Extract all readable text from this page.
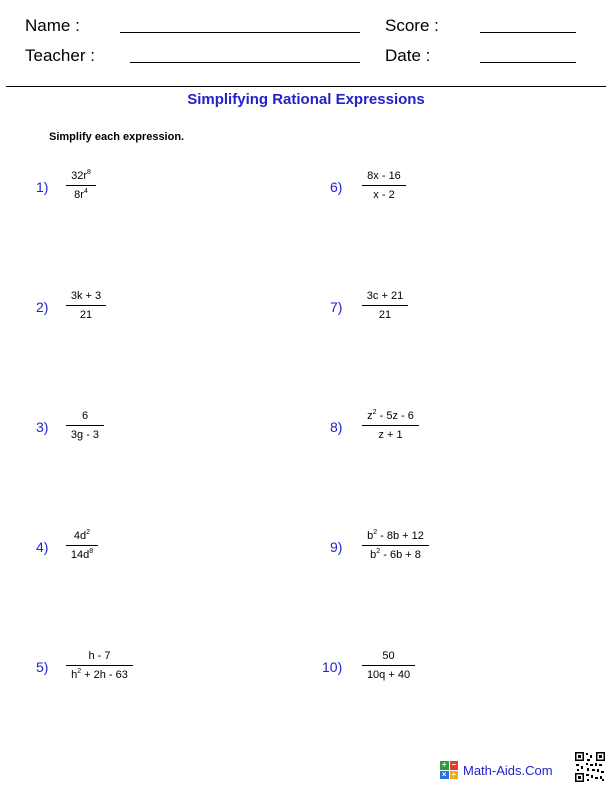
Name :	Score :
Teacher :	Date :
Simplifying Rational Expressions
Simplify each expression.
1)
$32r^8$
$8r^4$
2)
3k + 3
21
3)
6
3g - 3
4)
$4d^2$
$14d^8$
5)
h - 7
$h^2 + 2h - 63$
6)
8x - 16
x - 2
7)
3c + 21
21
8)
$z^2 - 5z - 6$
z + 1
9)
$b^2 - 8b + 12$
$b^2 - 6b + 8$
10)
50
10q + 40
+ −
× ÷ Math-Aids.Com
